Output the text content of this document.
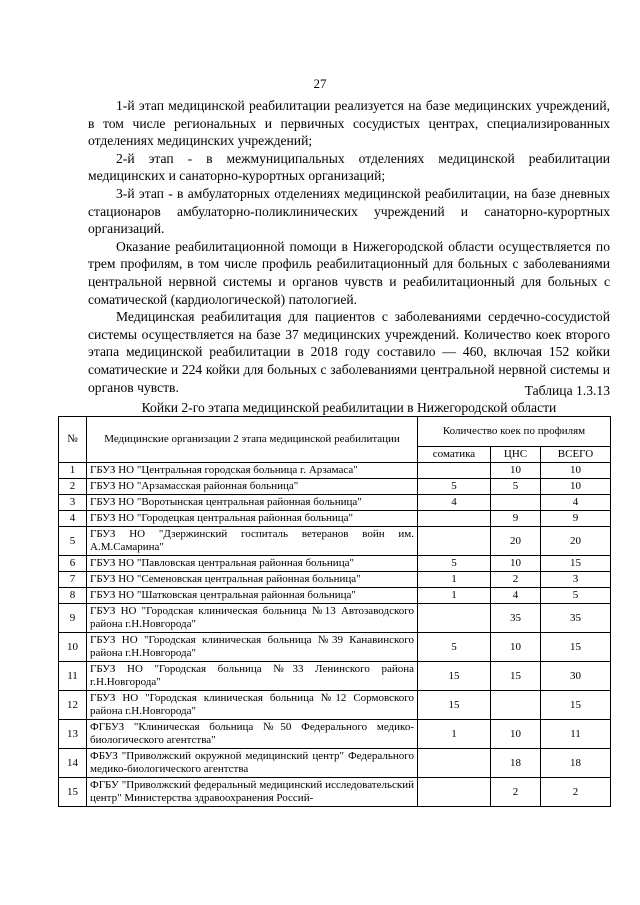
27

1-й этап медицинской реабилитации реализуется на базе медицинских учреждений, в том числе региональных и первичных сосудистых центрах, специализированных отделениях медицинских учреждений;

2-й этап - в межмуниципальных отделениях медицинской реабилитации медицинских и санаторно-курортных организаций;

3-й этап - в амбулаторных отделениях медицинской реабилитации, на базе дневных стационаров амбулаторно-поликлинических учреждений и санаторно-курортных организаций.

Оказание реабилитационной помощи в Нижегородской области осуществляется по трем профилям, в том числе профиль реабилитационный для больных с заболеваниями центральной нервной системы и органов чувств и реабилитационный для больных с соматической (кардиологической) патологией.

Медицинская реабилитация для пациентов с заболеваниями сердечно-сосудистой системы осуществляется на базе 37 медицинских учреждений. Количество коек второго этапа медицинской реабилитации в 2018 году составило — 460, включая 152 койки соматические и 224 койки для больных с заболеваниями центральной нервной системы и органов чувств.	Таблица 1.3.13
Койки 2-го этапа медицинской реабилитации в Нижегородской области
№	Медицинские организации 2 этапа медицинской реабилитации	Количество коек по профилям		
		соматика	ЦНС	ВСЕГО
1	ГБУЗ НО "Центральная городская больница г. Арзамаса"		10	10
2	ГБУЗ НО "Арзамасская районная больница"	5	5	10
3	ГБУЗ НО "Воротынская центральная районная больница"	4		4
4	ГБУЗ НО "Городецкая центральная районная больница"		9	9
5	ГБУЗ НО "Дзержинский госпиталь ветеранов войн им. А.М.Самарина"		20	20
6	ГБУЗ НО "Павловская центральная районная больница"	5	10	15
7	ГБУЗ НО "Семеновская центральная районная больница"	1	2	3
8	ГБУЗ НО "Шатковская центральная районная больница"	1	4	5
9	ГБУЗ НО "Городская клиническая больница №13 Автозаводского района г.Н.Новгорода"		35	35
10	ГБУЗ НО "Городская клиническая больница №39 Канавинского района г.Н.Новгорода"	5	10	15
11	ГБУЗ НО "Городская больница №33 Ленинского района г.Н.Новгорода"	15	15	30
12	ГБУЗ НО "Городская клиническая больница №12 Сормовского района г.Н.Новгорода"	15		15
13	ФГБУЗ "Клиническая больница №50 Федерального медико-биологического агентства"	1	10	11
14	ФБУЗ "Приволжский окружной медицинский центр" Федерального медико-биологического агентства		18	18
15	ФГБУ "Приволжский федеральный медицинский исследовательский центр" Министерства здравоохранения Россий-		2	2
